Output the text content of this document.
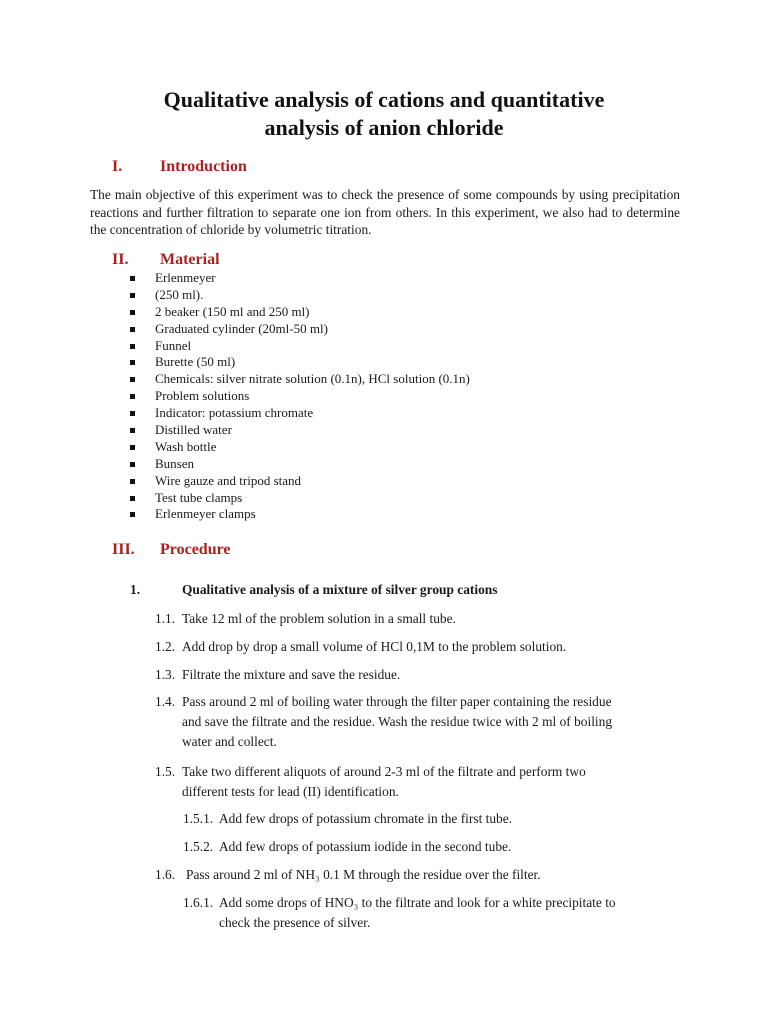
Qualitative analysis of cations and quantitative
analysis of anion chloride
I. Introduction
The main objective of this experiment was to check the presence of some compounds by using precipitation reactions and further filtration to separate one ion from others. In this experiment, we also had to determine the concentration of chloride by volumetric titration.
II. Material
Erlenmeyer
(250 ml).
2 beaker (150 ml and 250 ml)
Graduated cylinder (20ml-50 ml)
Funnel
Burette (50 ml)
Chemicals: silver nitrate solution (0.1n), HCl solution (0.1n)
Problem solutions
Indicator: potassium chromate
Distilled water
Wash bottle
Bunsen
Wire gauze and tripod stand
Test tube clamps
Erlenmeyer clamps
III. Procedure
1.	Qualitative analysis of a mixture of silver group cations
1.1. Take 12 ml of the problem solution in a small tube.
1.2. Add drop by drop a small volume of HCl 0,1M to the problem solution.
1.3. Filtrate the mixture and save the residue.
1.4. Pass around 2 ml of boiling water through the filter paper containing the residue
and save the filtrate and the residue. Wash the residue twice with 2 ml of boiling
water and collect.
1.5. Take two different aliquots of around 2-3 ml of the filtrate and perform two
different tests for lead (II) identification.
1.5.1. Add few drops of potassium chromate in the first tube.
1.5.2. Add few drops of potassium iodide in the second tube.
1.6. Pass around 2 ml of NH₃ 0.1 M through the residue over the filter.
1.6.1. Add some drops of HNO₃ to the filtrate and look for a white precipitate to
check the presence of silver.
